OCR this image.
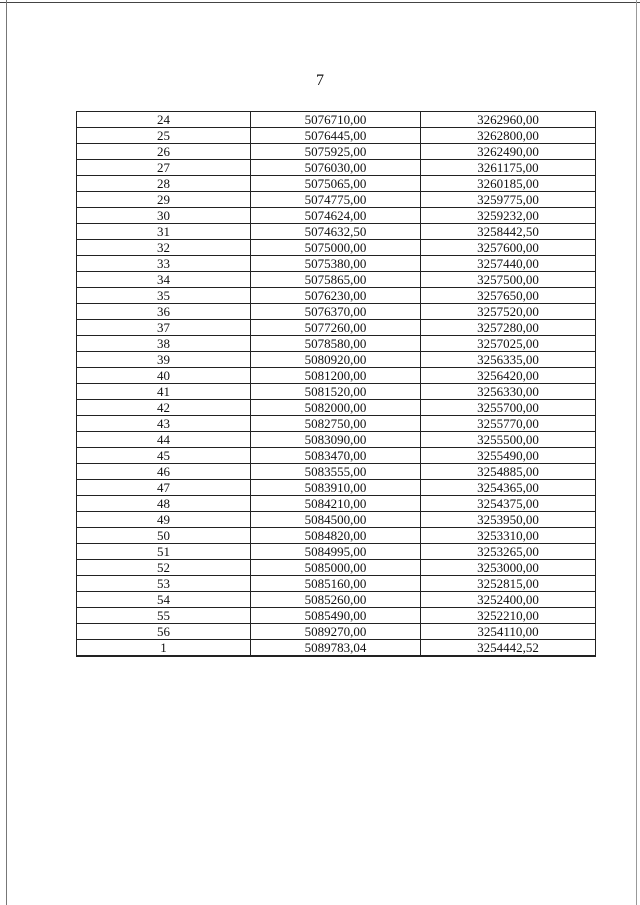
7
24	5076710,00	3262960,00
25	5076445,00	3262800,00
26	5075925,00	3262490,00
27	5076030,00	3261175,00
28	5075065,00	3260185,00
29	5074775,00	3259775,00
30	5074624,00	3259232,00
31	5074632,50	3258442,50
32	5075000,00	3257600,00
33	5075380,00	3257440,00
34	5075865,00	3257500,00
35	5076230,00	3257650,00
36	5076370,00	3257520,00
37	5077260,00	3257280,00
38	5078580,00	3257025,00
39	5080920,00	3256335,00
40	5081200,00	3256420,00
41	5081520,00	3256330,00
42	5082000,00	3255700,00
43	5082750,00	3255770,00
44	5083090,00	3255500,00
45	5083470,00	3255490,00
46	5083555,00	3254885,00
47	5083910,00	3254365,00
48	5084210,00	3254375,00
49	5084500,00	3253950,00
50	5084820,00	3253310,00
51	5084995,00	3253265,00
52	5085000,00	3253000,00
53	5085160,00	3252815,00
54	5085260,00	3252400,00
55	5085490,00	3252210,00
56	5089270,00	3254110,00
1	5089783,04	3254442,52
